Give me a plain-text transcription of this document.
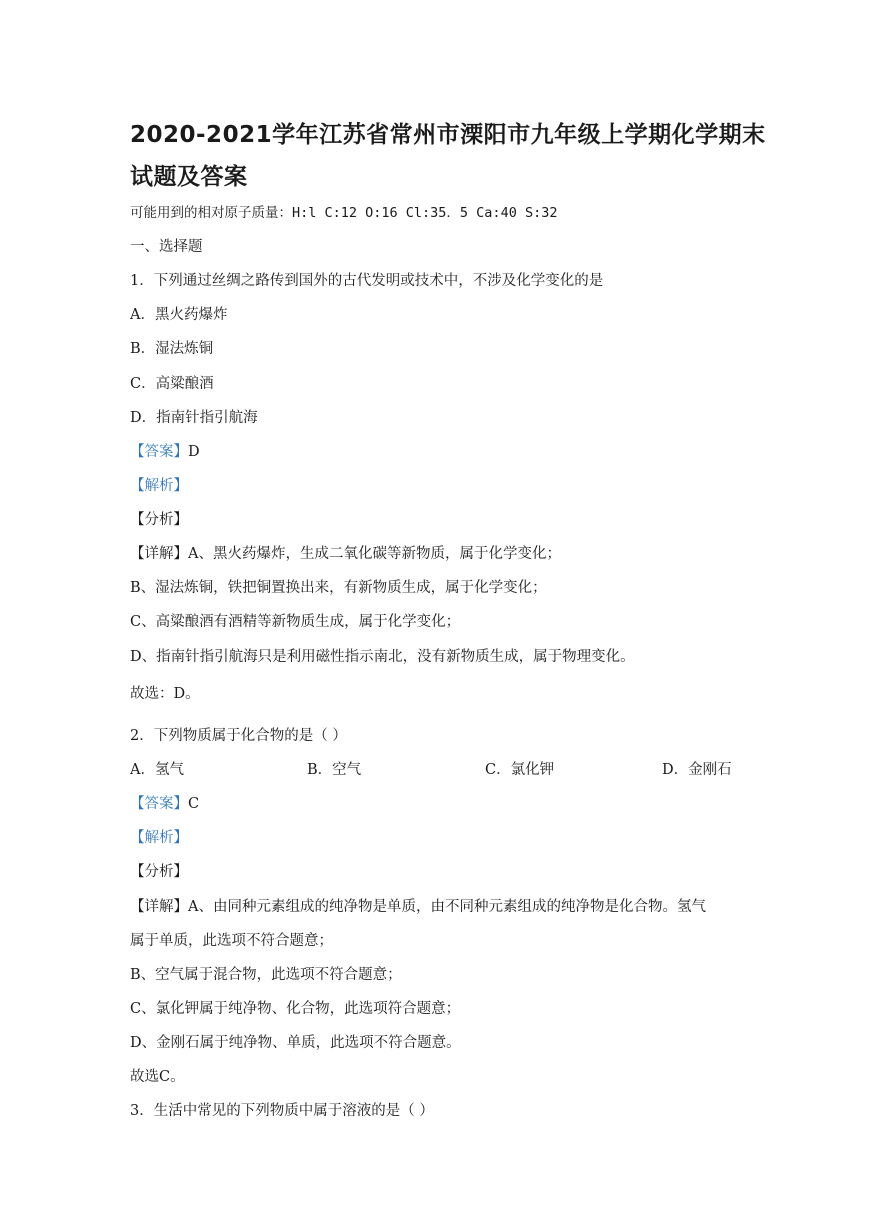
2020-2021学年江苏省常州市溧阳市九年级上学期化学期末
试题及答案
可能用到的相对原子质量：H:l C:12 O:16 Cl:35．5 Ca:40 S:32
一、选择题
1．下列通过丝绸之路传到国外的古代发明或技术中，不涉及化学变化的是
A．黑火药爆炸
B．湿法炼铜
C．高粱酿酒
D．指南针指引航海
【答案】D
【解析】
【分析】
【详解】A、黑火药爆炸，生成二氧化碳等新物质，属于化学变化；
B、湿法炼铜，铁把铜置换出来，有新物质生成，属于化学变化；
C、高粱酿酒有酒精等新物质生成，属于化学变化；
D、指南针指引航海只是利用磁性指示南北，没有新物质生成，属于物理变化。
故选：D。
2．下列物质属于化合物的是（ ）
A．氢气	B．空气	C．氯化钾	D．金刚石
【答案】C
【解析】
【分析】
【详解】A、由同种元素组成的纯净物是单质，由不同种元素组成的纯净物是化合物。氢气
属于单质，此选项不符合题意；
B、空气属于混合物，此选项不符合题意；
C、氯化钾属于纯净物、化合物，此选项符合题意；
D、金刚石属于纯净物、单质，此选项不符合题意。
故选C。
3．生活中常见的下列物质中属于溶液的是（ ）
